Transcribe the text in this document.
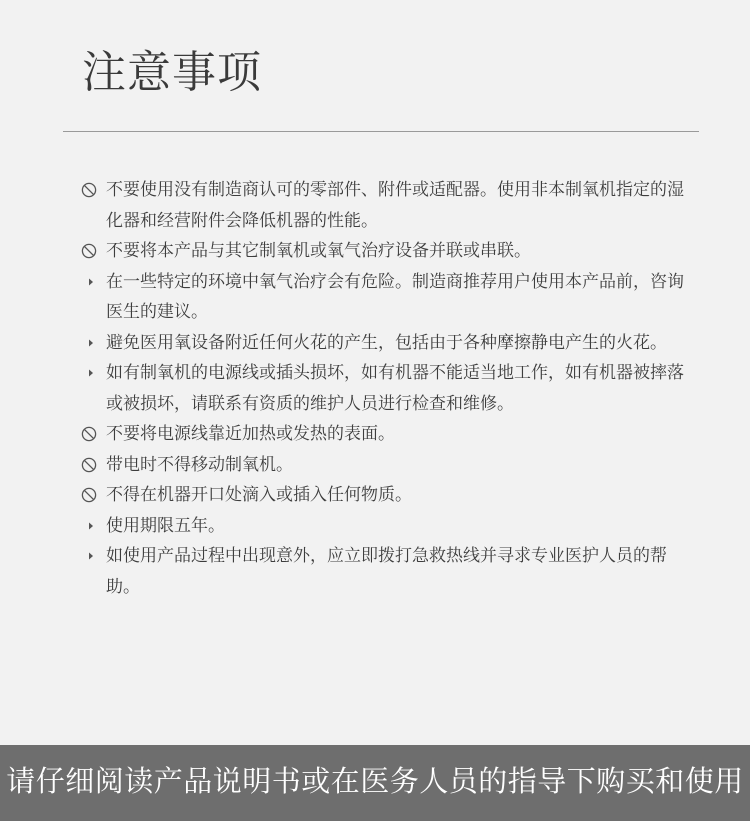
注意事项
不要使用没有制造商认可的零部件、附件或适配器。使用非本制氧机指定的湿化器和经营附件会降低机器的性能。
不要将本产品与其它制氧机或氧气治疗设备并联或串联。
在一些特定的环境中氧气治疗会有危险。制造商推荐用户使用本产品前，咨询医生的建议。
避免医用氧设备附近任何火花的产生，包括由于各种摩擦静电产生的火花。
如有制氧机的电源线或插头损坏，如有机器不能适当地工作，如有机器被摔落或被损坏，请联系有资质的维护人员进行检查和维修。
不要将电源线靠近加热或发热的表面。
带电时不得移动制氧机。
不得在机器开口处滴入或插入任何物质。
使用期限五年。
如使用产品过程中出现意外，应立即拨打急救热线并寻求专业医护人员的帮助。
请仔细阅读产品说明书或在医务人员的指导下购买和使用
